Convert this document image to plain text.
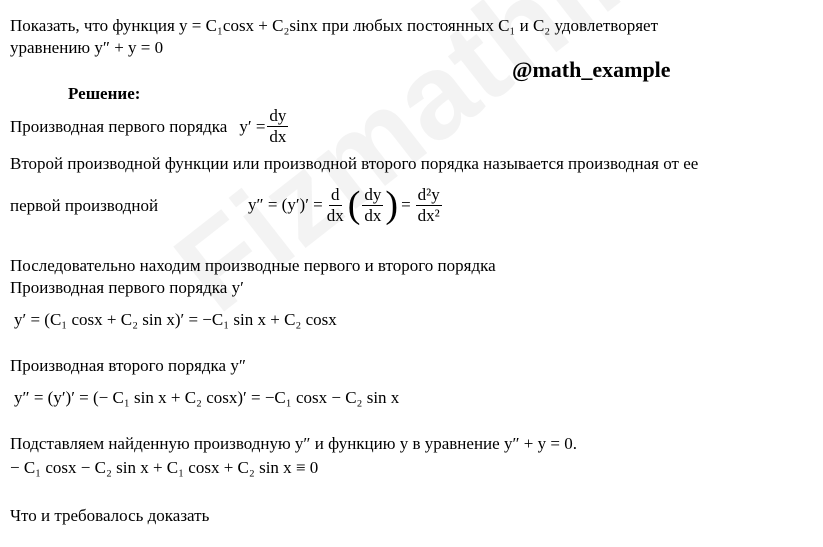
Показать, что функция y = C₁cosx + C₂sinx при любых постоянных C₁ и C₂ удовлетворяет
уравнению y″ + y = 0
@math_example
Решение:
Производная первого порядка $y' = \frac{dy}{dx}$
Второй производной функции или производной второго порядка называется производная от ее
первой производной	$y'' = (y')' = \frac{d}{dx}$ ( $\frac{dy}{dx}$ ) = $\frac{\text{d²y}}{\text{dx²}}$
Последовательно находим производные первого и второго порядка
Производная первого порядка y′
y′ = (C₁ cosx + C₂ sin x)′ = −C₁ sin x + C₂ cosx
Производная второго порядка y″
y″ = (y′)′ = (− C₁ sin x + C₂ cosx)′ = −C₁ cosx − C₂ sin x
Подставляем найденную производную y″ и функцию y в уравнение y″ + y = 0.
− C₁ cosx − C₂ sin x + C₁ cosx + C₂ sin x ≡ 0
Что и требовалось доказать
